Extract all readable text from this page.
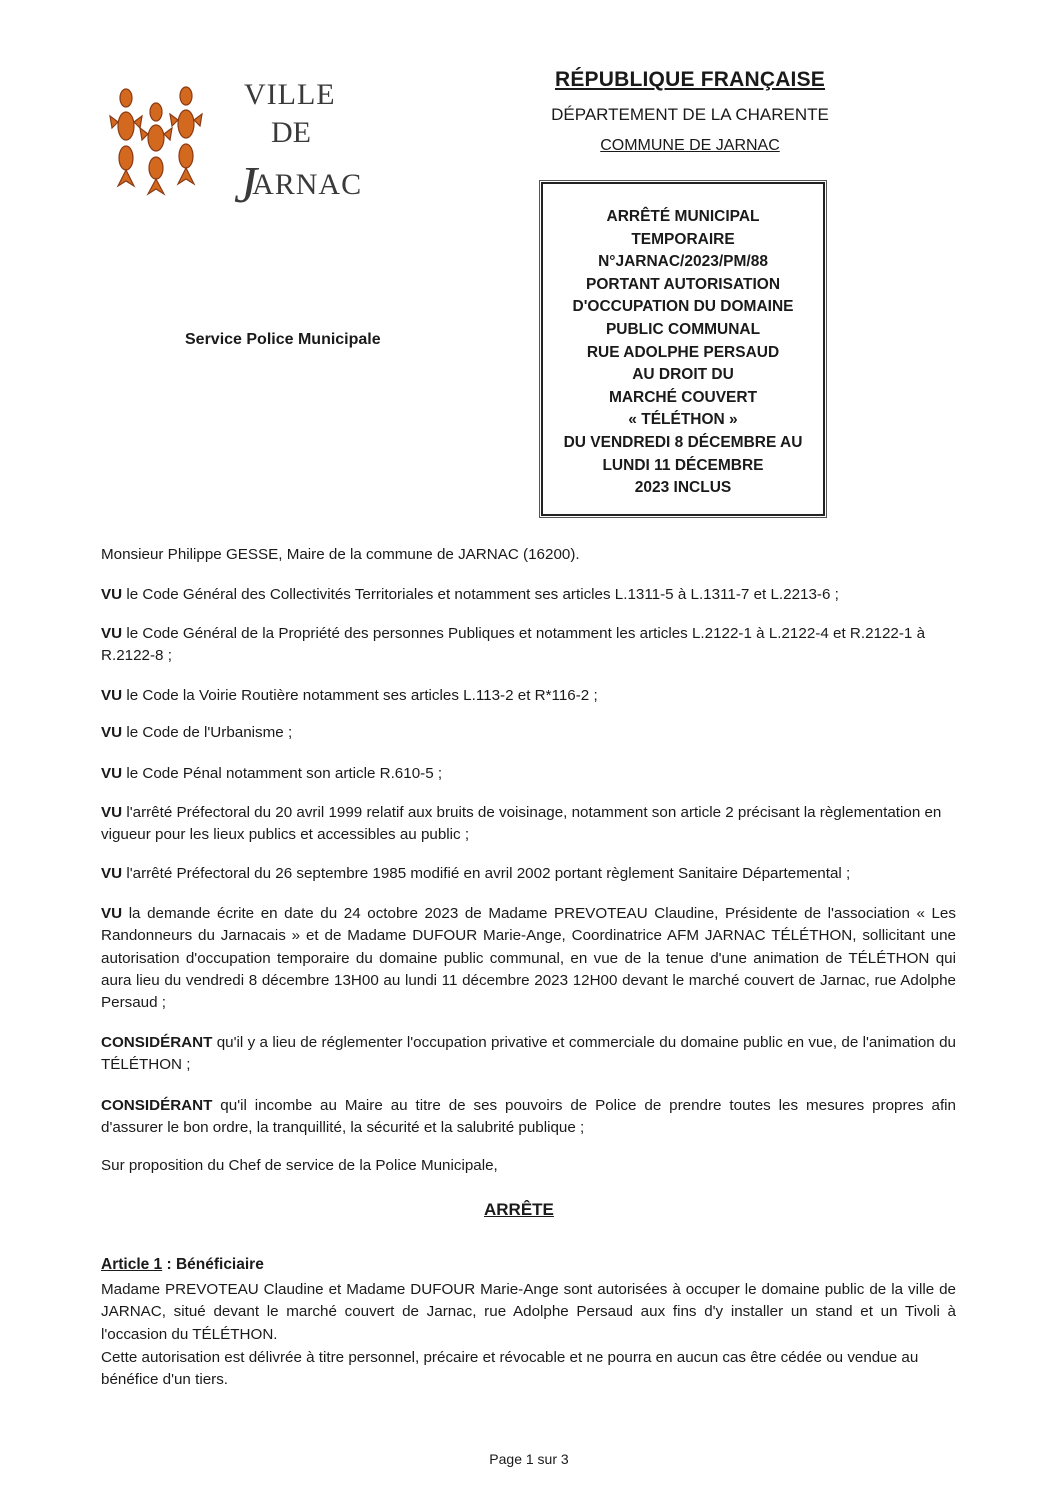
VILLE
DE
JARNAC
RÉPUBLIQUE FRANÇAISE
DÉPARTEMENT DE LA CHARENTE
COMMUNE DE JARNAC
ARRÊTÉ MUNICIPAL
TEMPORAIRE
N°JARNAC/2023/PM/88
PORTANT AUTORISATION
D'OCCUPATION DU DOMAINE
PUBLIC COMMUNAL
RUE ADOLPHE PERSAUD
AU DROIT DU
MARCHÉ COUVERT
« TÉLÉTHON »
DU VENDREDI 8 DÉCEMBRE AU
LUNDI 11 DÉCEMBRE
2023 INCLUS
Service Police Municipale

Monsieur Philippe GESSE, Maire de la commune de JARNAC (16200).

VU le Code Général des Collectivités Territoriales et notamment ses articles L.1311-5 à L.1311-7 et L.2213-6 ;

VU le Code Général de la Propriété des personnes Publiques et notamment les articles L.2122-1 à L.2122-4 et R.2122-1 à R.2122-8 ;

VU le Code la Voirie Routière notamment ses articles L.113-2 et R*116-2 ;

VU le Code de l'Urbanisme ;

VU le Code Pénal notamment son article R.610-5 ;

VU l'arrêté Préfectoral du 20 avril 1999 relatif aux bruits de voisinage, notamment son article 2 précisant la règlementation en vigueur pour les lieux publics et accessibles au public ;

VU l'arrêté Préfectoral du 26 septembre 1985 modifié en avril 2002 portant règlement Sanitaire Départemental ;

VU la demande écrite en date du 24 octobre 2023 de Madame PREVOTEAU Claudine, Présidente de l'association « Les Randonneurs du Jarnacais » et de Madame DUFOUR Marie-Ange, Coordinatrice AFM JARNAC TÉLÉTHON, sollicitant une autorisation d'occupation temporaire du domaine public communal, en vue de la tenue d'une animation de TÉLÉTHON qui aura lieu du vendredi 8 décembre 13H00 au lundi 11 décembre 2023 12H00 devant le marché couvert de Jarnac, rue Adolphe Persaud ;

CONSIDÉRANT qu'il y a lieu de réglementer l'occupation privative et commerciale du domaine public en vue, de l'animation du TÉLÉTHON ;

CONSIDÉRANT qu'il incombe au Maire au titre de ses pouvoirs de Police de prendre toutes les mesures propres afin d'assurer le bon ordre, la tranquillité, la sécurité et la salubrité publique ;

Sur proposition du Chef de service de la Police Municipale,

ARRÊTE
Article 1 : Bénéficiaire

Madame PREVOTEAU Claudine et Madame DUFOUR Marie-Ange sont autorisées à occuper le domaine public de la ville de JARNAC, situé devant le marché couvert de Jarnac, rue Adolphe Persaud aux fins d'y installer un stand et un Tivoli à l'occasion du TÉLÉTHON.

Cette autorisation est délivrée à titre personnel, précaire et révocable et ne pourra en aucun cas être cédée ou vendue au bénéfice d'un tiers.

Page 1 sur 3
